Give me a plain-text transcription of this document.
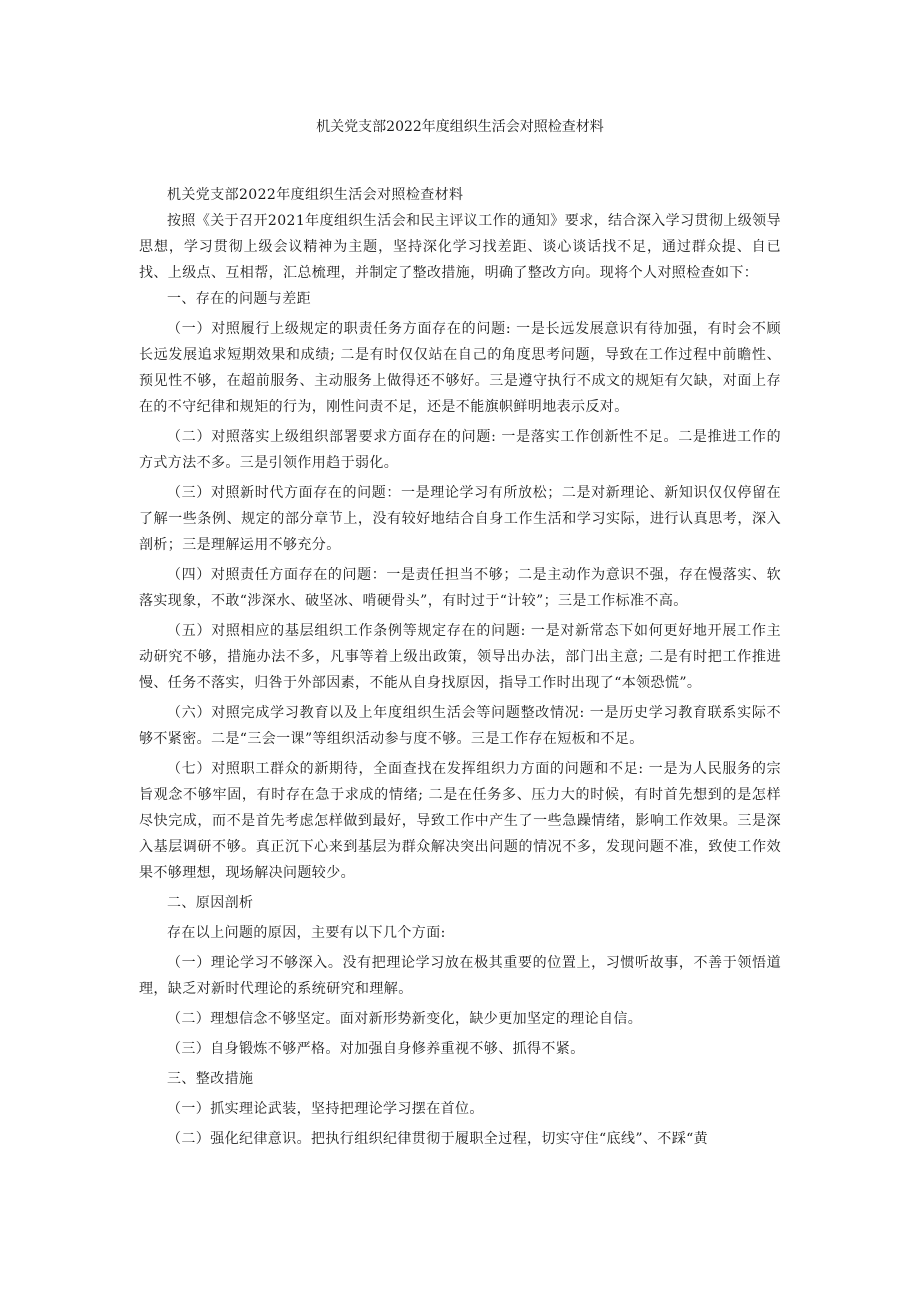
机关党支部2022年度组织生活会对照检查材料

机关党支部2022年度组织生活会对照检查材料

按照《关于召开2021年度组织生活会和民主评议工作的通知》要求，结合深入学习贯彻上级领导思想，学习贯彻上级会议精神为主题，坚持深化学习找差距、谈心谈话找不足，通过群众提、自已找、上级点、互相帮，汇总梳理，并制定了整改措施，明确了整改方向。现将个人对照检查如下：

一、存在的问题与差距

（一）对照履行上级规定的职责任务方面存在的问题: 一是长远发展意识有待加强，有时会不顾长远发展追求短期效果和成绩; 二是有时仅仅站在自己的角度思考问题，导致在工作过程中前瞻性、预见性不够，在超前服务、主动服务上做得还不够好。三是遵守执行不成文的规矩有欠缺，对面上存在的不守纪律和规矩的行为，刚性问责不足，还是不能旗帜鲜明地表示反对。

（二）对照落实上级组织部署要求方面存在的问题: 一是落实工作创新性不足。二是推进工作的方式方法不多。三是引领作用趋于弱化。

（三）对照新时代方面存在的问题：一是理论学习有所放松；二是对新理论、新知识仅仅停留在了解一些条例、规定的部分章节上，没有较好地结合自身工作生活和学习实际，进行认真思考，深入剖析；三是理解运用不够充分。

（四）对照责任方面存在的问题：一是责任担当不够；二是主动作为意识不强，存在慢落实、软落实现象，不敢“涉深水、破坚冰、啃硬骨头”，有时过于“计较”；三是工作标准不高。

（五）对照相应的基层组织工作条例等规定存在的问题: 一是对新常态下如何更好地开展工作主动研究不够，措施办法不多，凡事等着上级出政策，领导出办法，部门出主意; 二是有时把工作推进慢、任务不落实，归咎于外部因素，不能从自身找原因，指导工作时出现了“本领恐慌”。

（六）对照完成学习教育以及上年度组织生活会等问题整改情况: 一是历史学习教育联系实际不够不紧密。二是“三会一课”等组织活动参与度不够。三是工作存在短板和不足。

（七）对照职工群众的新期待，全面查找在发挥组织力方面的问题和不足: 一是为人民服务的宗旨观念不够牢固，有时存在急于求成的情绪; 二是在任务多、压力大的时候，有时首先想到的是怎样尽快完成，而不是首先考虑怎样做到最好，导致工作中产生了一些急躁情绪，影响工作效果。三是深入基层调研不够。真正沉下心来到基层为群众解决突出问题的情况不多，发现问题不准，致使工作效果不够理想，现场解决问题较少。

二、原因剖析

存在以上问题的原因，主要有以下几个方面:

（一）理论学习不够深入。没有把理论学习放在极其重要的位置上，习惯听故事，不善于领悟道理，缺乏对新时代理论的系统研究和理解。

（二）理想信念不够坚定。面对新形势新变化，缺少更加坚定的理论自信。

（三）自身锻炼不够严格。对加强自身修养重视不够、抓得不紧。

三、整改措施

（一）抓实理论武装，坚持把理论学习摆在首位。

（二）强化纪律意识。把执行组织纪律贯彻于履职全过程，切实守住“底线”、不踩“黄
